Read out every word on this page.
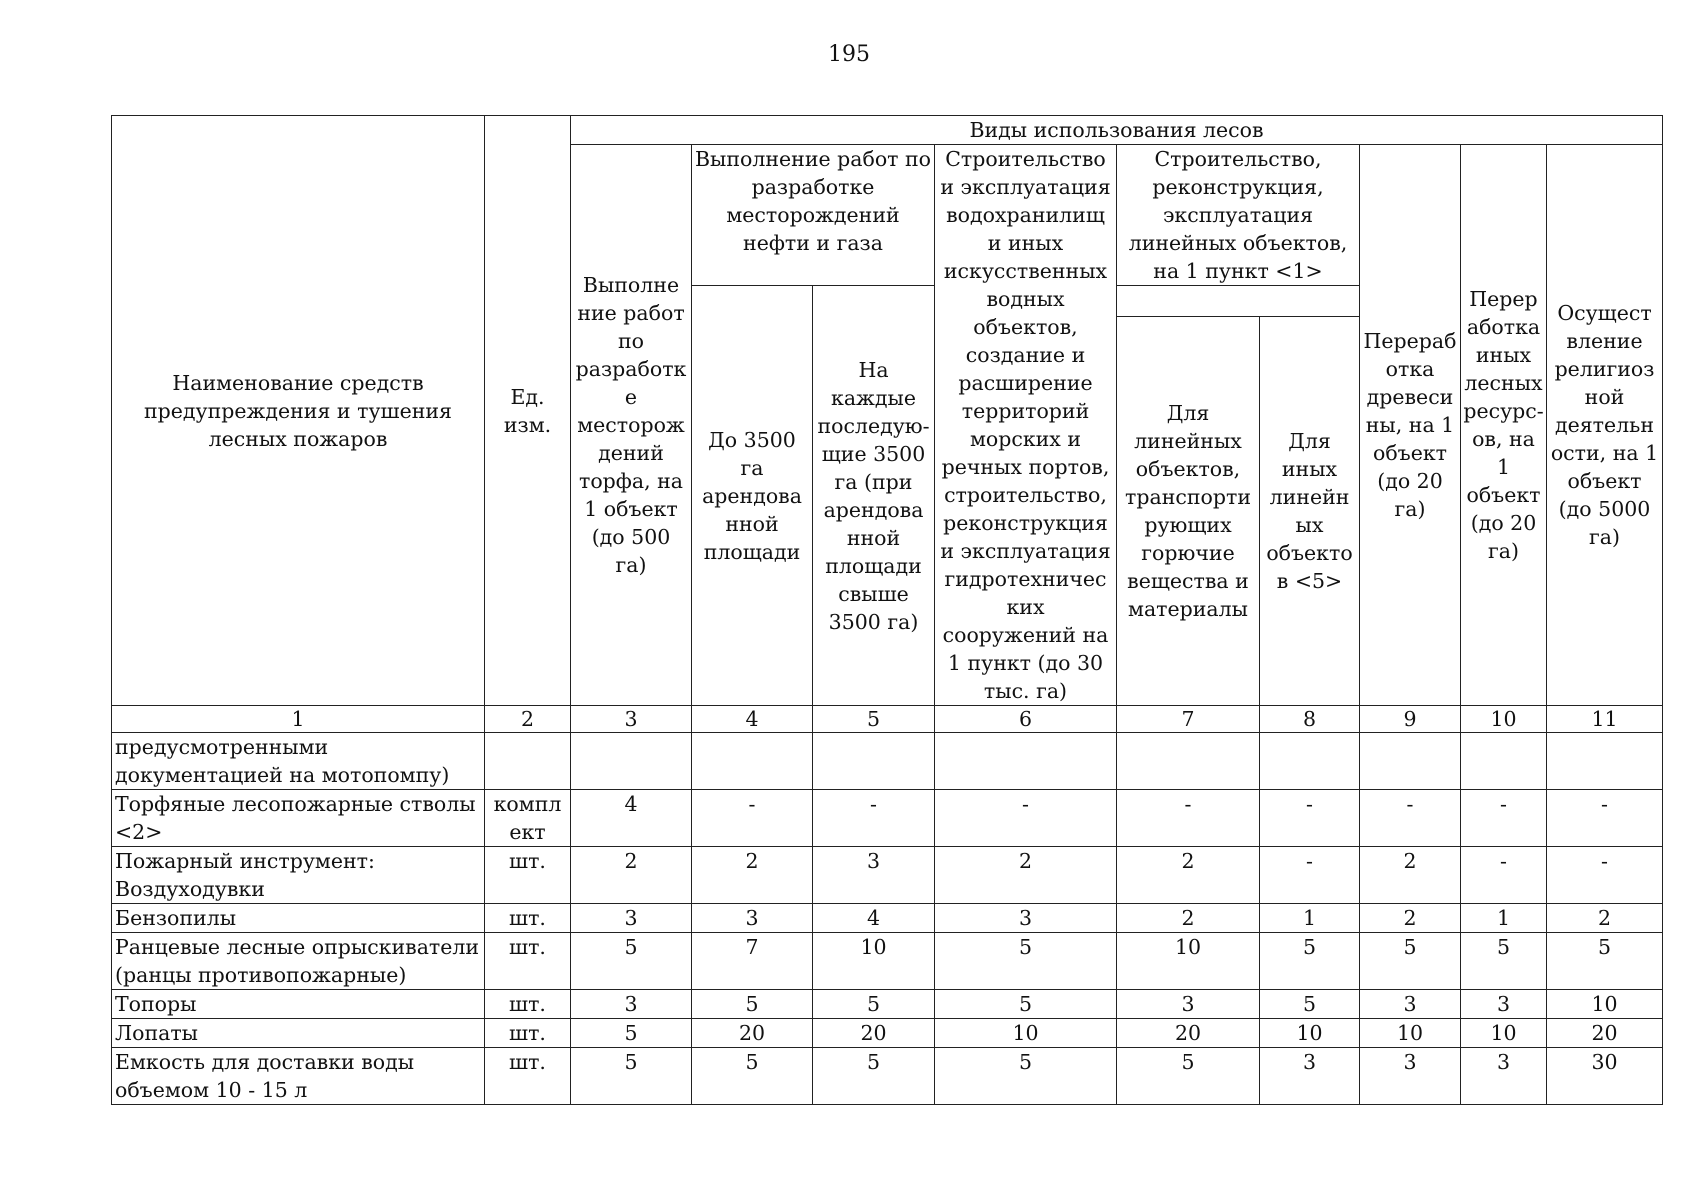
195
Наименование средств предупреждения и тушения лесных пожаров	Ед. изм.	Виды использования лесов								
		Выполнение работ по разработке месторождений торфа, на 1 объект (до 500 га)	Выполнение работ по разработке месторождений нефти и газа		Строительство и эксплуатация водохранилищ и иных искусственных водных объектов, создание и расширение территорий морских и речных портов, строительство, реконструкция и эксплуатация гидротехнических сооружений на 1 пункт (до 30 тыс. га)	Строительство, реконструкция, эксплуатация линейных объектов, на 1 пункт <1>		Переработка древесины, на 1 объект (до 20 га)	Переработка иных лесных ресурсов, на 1 объект (до 20 га)	Осуществление религиозной деятельности, на 1 объект (до 5000 га)
			До 3500 га арендованной площади	На каждые последующие 3500 га (при арендованной площади свыше 3500 га)						
						Для линейных объектов, транспортирующих горючие вещества и материалы	Для иных линейных объектов <5>			
1	2	3	4	5	6	7	8	9	10	11
предусмотренными документацией на мотопомпу)										
Торфяные лесопожарные стволы <2>	комплект	4	-	-	-	-	-	-	-	-
Пожарный инструмент: Воздуходувки	шт.	2	2	3	2	2	-	2	-	-
Бензопилы	шт.	3	3	4	3	2	1	2	1	2
Ранцевые лесные опрыскиватели (ранцы противопожарные)	шт.	5	7	10	5	10	5	5	5	5
Топоры	шт.	3	5	5	5	3	5	3	3	10
Лопаты	шт.	5	20	20	10	20	10	10	10	20
Емкость для доставки воды объемом 10 - 15 л	шт.	5	5	5	5	5	3	3	3	30
